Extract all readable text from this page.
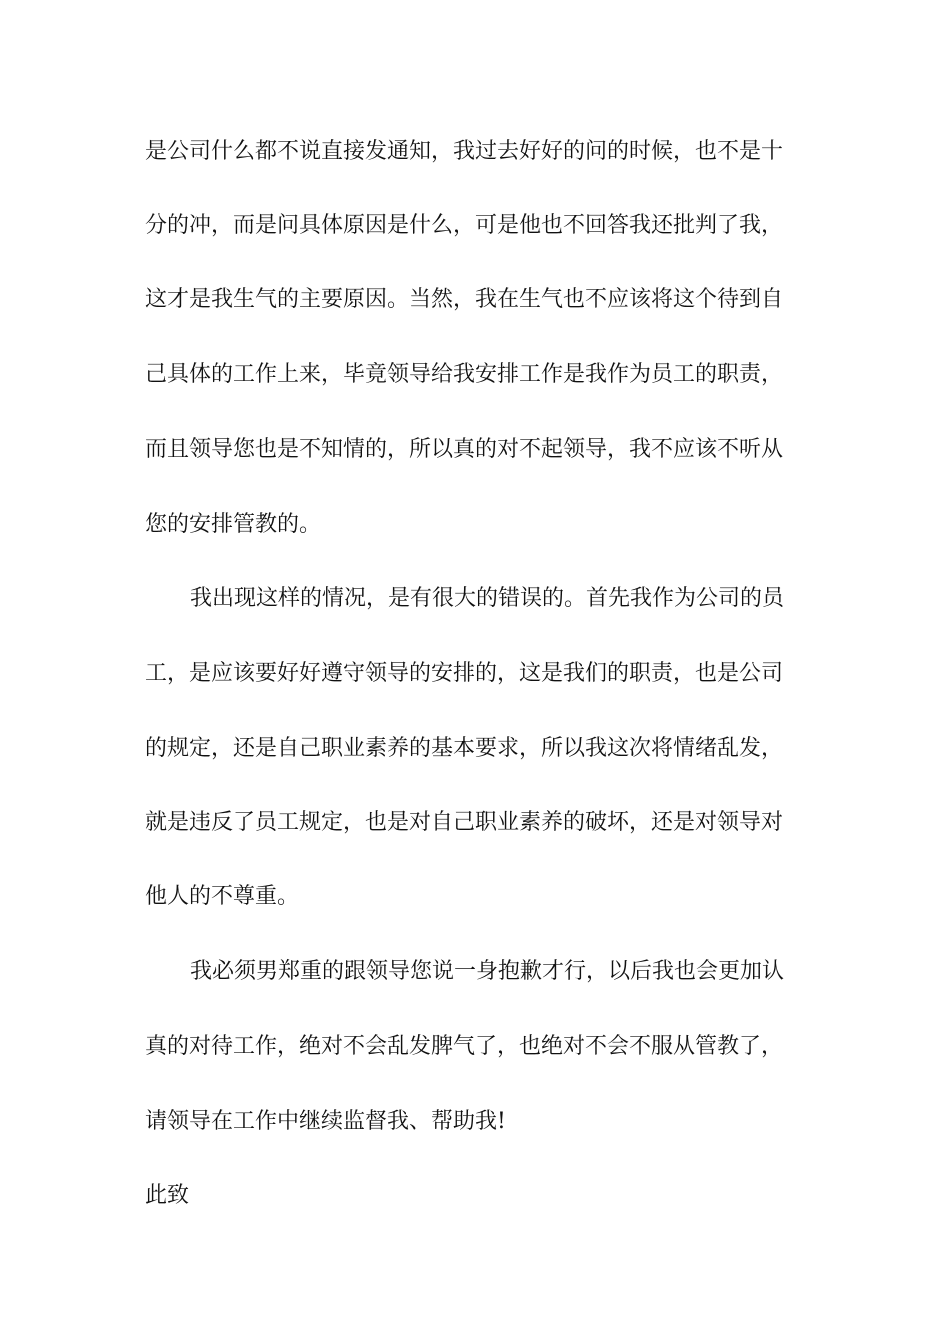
是公司什么都不说直接发通知，我过去好好的问的时候，也不是十

分的冲，而是问具体原因是什么，可是他也不回答我还批判了我，

这才是我生气的主要原因。当然，我在生气也不应该将这个待到自

己具体的工作上来，毕竟领导给我安排工作是我作为员工的职责，

而且领导您也是不知情的，所以真的对不起领导，我不应该不听从

您的安排管教的。

我出现这样的情况，是有很大的错误的。首先我作为公司的员

工，是应该要好好遵守领导的安排的，这是我们的职责，也是公司

的规定，还是自己职业素养的基本要求，所以我这次将情绪乱发，

就是违反了员工规定，也是对自己职业素养的破坏，还是对领导对

他人的不尊重。

我必须男郑重的跟领导您说一身抱歉才行，以后我也会更加认

真的对待工作，绝对不会乱发脾气了，也绝对不会不服从管教了，

请领导在工作中继续监督我、帮助我!

此致
